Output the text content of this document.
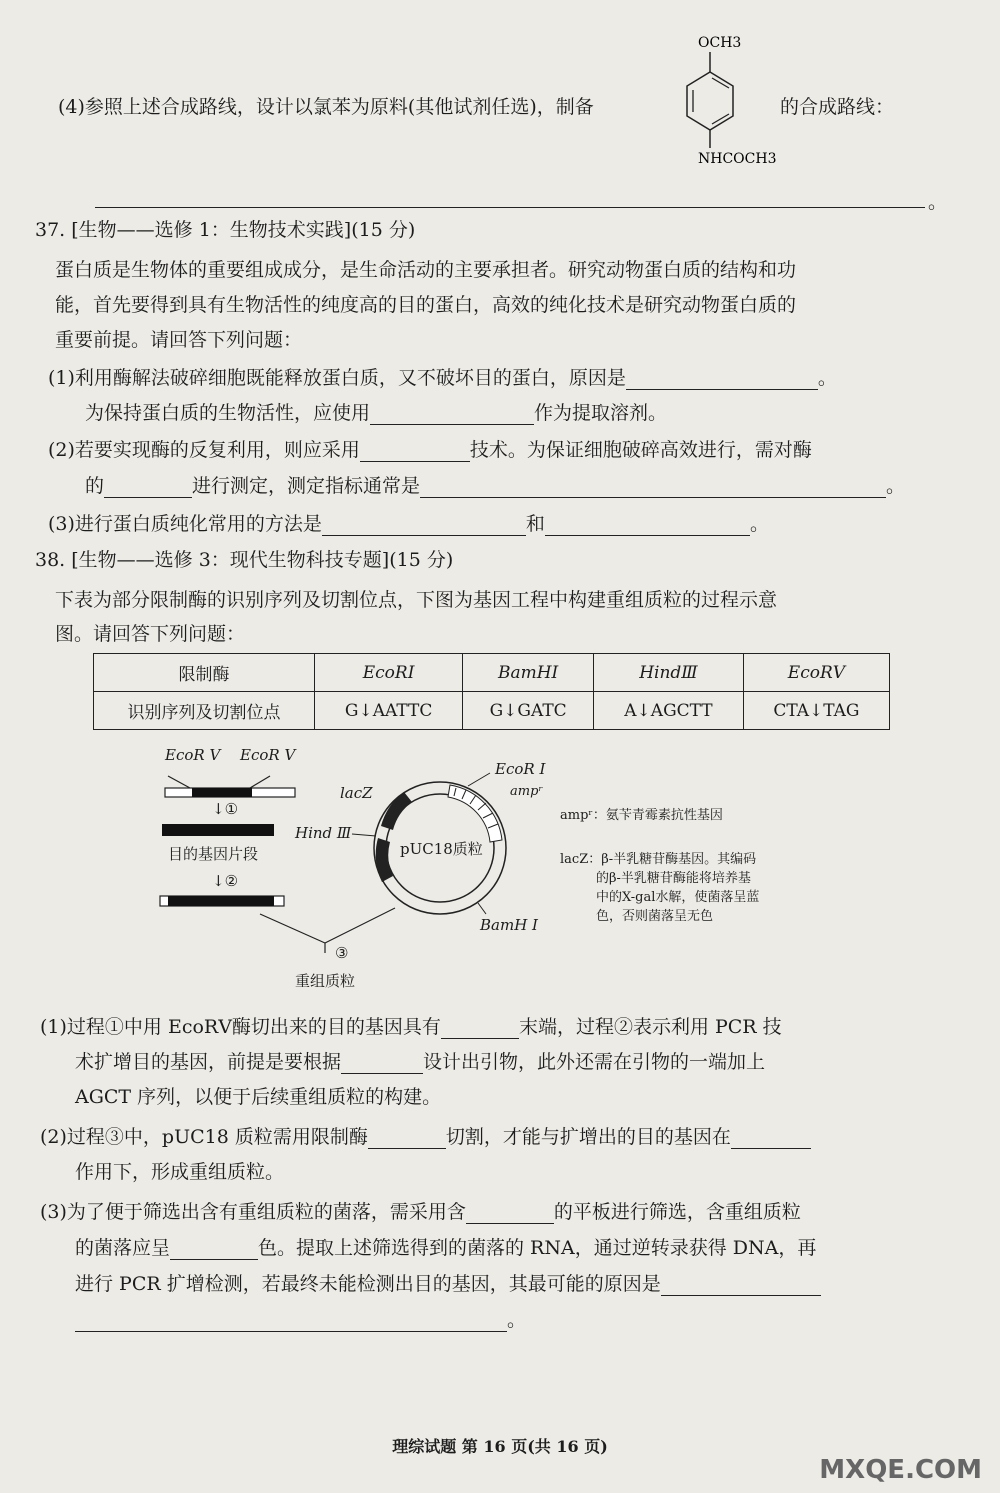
(4)参照上述合成路线，设计以氯苯为原料(其他试剂任选)，制备
OCH3
NHCOCH3
的合成路线：
。
37. [生物——选修 1：生物技术实践](15 分)
蛋白质是生物体的重要组成成分，是生命活动的主要承担者。研究动物蛋白质的结构和功
能，首先要得到具有生物活性的纯度高的目的蛋白，高效的纯化技术是研究动物蛋白质的
重要前提。请回答下列问题：
(1)利用酶解法破碎细胞既能释放蛋白质，又不破坏目的蛋白，原因是	。
为保持蛋白质的生物活性，应使用	作为提取溶剂。
(2)若要实现酶的反复利用，则应采用	技术。为保证细胞破碎高效进行，需对酶
的	进行测定，测定指标通常是	。
(3)进行蛋白质纯化常用的方法是	和	。
38. [生物——选修 3：现代生物科技专题](15 分)
下表为部分限制酶的识别序列及切割位点，下图为基因工程中构建重组质粒的过程示意
图。请回答下列问题：
限制酶	EcoRⅠ	BamHⅠ	HindⅢ	EcoRⅤ
识别序列及切割位点	G↓AATTC	G↓GATC	A↓AGCTT	CTA↓TAG
EcoR Ⅴ EcoR Ⅴ
↓①
目的基因片段
↓②
③
重组质粒
lacZ
Hind Ⅲ
pUC18质粒
EcoR Ⅰ
ampʳ
BamH Ⅰ
ampʳ：氨苄青霉素抗性基因
lacZ：β-半乳糖苷酶基因。其编码
的β-半乳糖苷酶能将培养基
中的X-gal水解，使菌落呈蓝
色，否则菌落呈无色
(1)过程①中用 EcoRⅤ酶切出来的目的基因具有	末端，过程②表示利用 PCR 技
术扩增目的基因，前提是要根据	设计出引物，此外还需在引物的一端加上
AGCT 序列，以便于后续重组质粒的构建。
(2)过程③中，pUC18 质粒需用限制酶	切割，才能与扩增出的目的基因在
作用下，形成重组质粒。
(3)为了便于筛选出含有重组质粒的菌落，需采用含	的平板进行筛选，含重组质粒
的菌落应呈	色。提取上述筛选得到的菌落的 RNA，通过逆转录获得 DNA，再
进行 PCR 扩增检测，若最终未能检测出目的基因，其最可能的原因是
。
理综试题 第 16 页(共 16 页)
MXQE.COM
